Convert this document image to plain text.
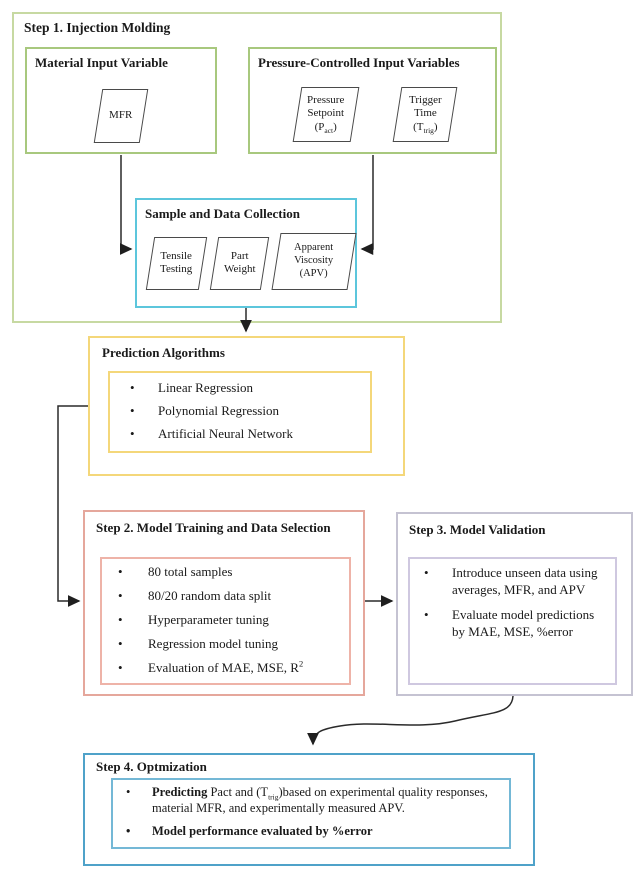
Step 1. Injection Molding
Material Input Variable
MFR
Pressure-Controlled Input Variables
Pressure
Setpoint
$(P_{act})$
Trigger
Time
$(T_{trig})$
Sample and Data Collection
Tensile
Testing
Part
Weight
Apparent
Viscosity
(APV)
Prediction Algorithms
•	Linear Regression
•	Polynomial Regression
•	Artificial Neural Network
Step 2. Model Training and Data Selection
•	80 total samples
•	80/20 random data split
•	Hyperparameter tuning
•	Regression model tuning
•	Evaluation of MAE, MSE, $R^2$
Step 3. Model Validation
•	Introduce unseen data using averages, MFR, and APV
•	Evaluate model predictions by MAE, MSE, %error
Step 4. Optmization
•	Predicting Pact and $(T_{trig})based$ on experimental quality responses, material MFR, and experimentally measured APV.
•	Model performance evaluated by %error
